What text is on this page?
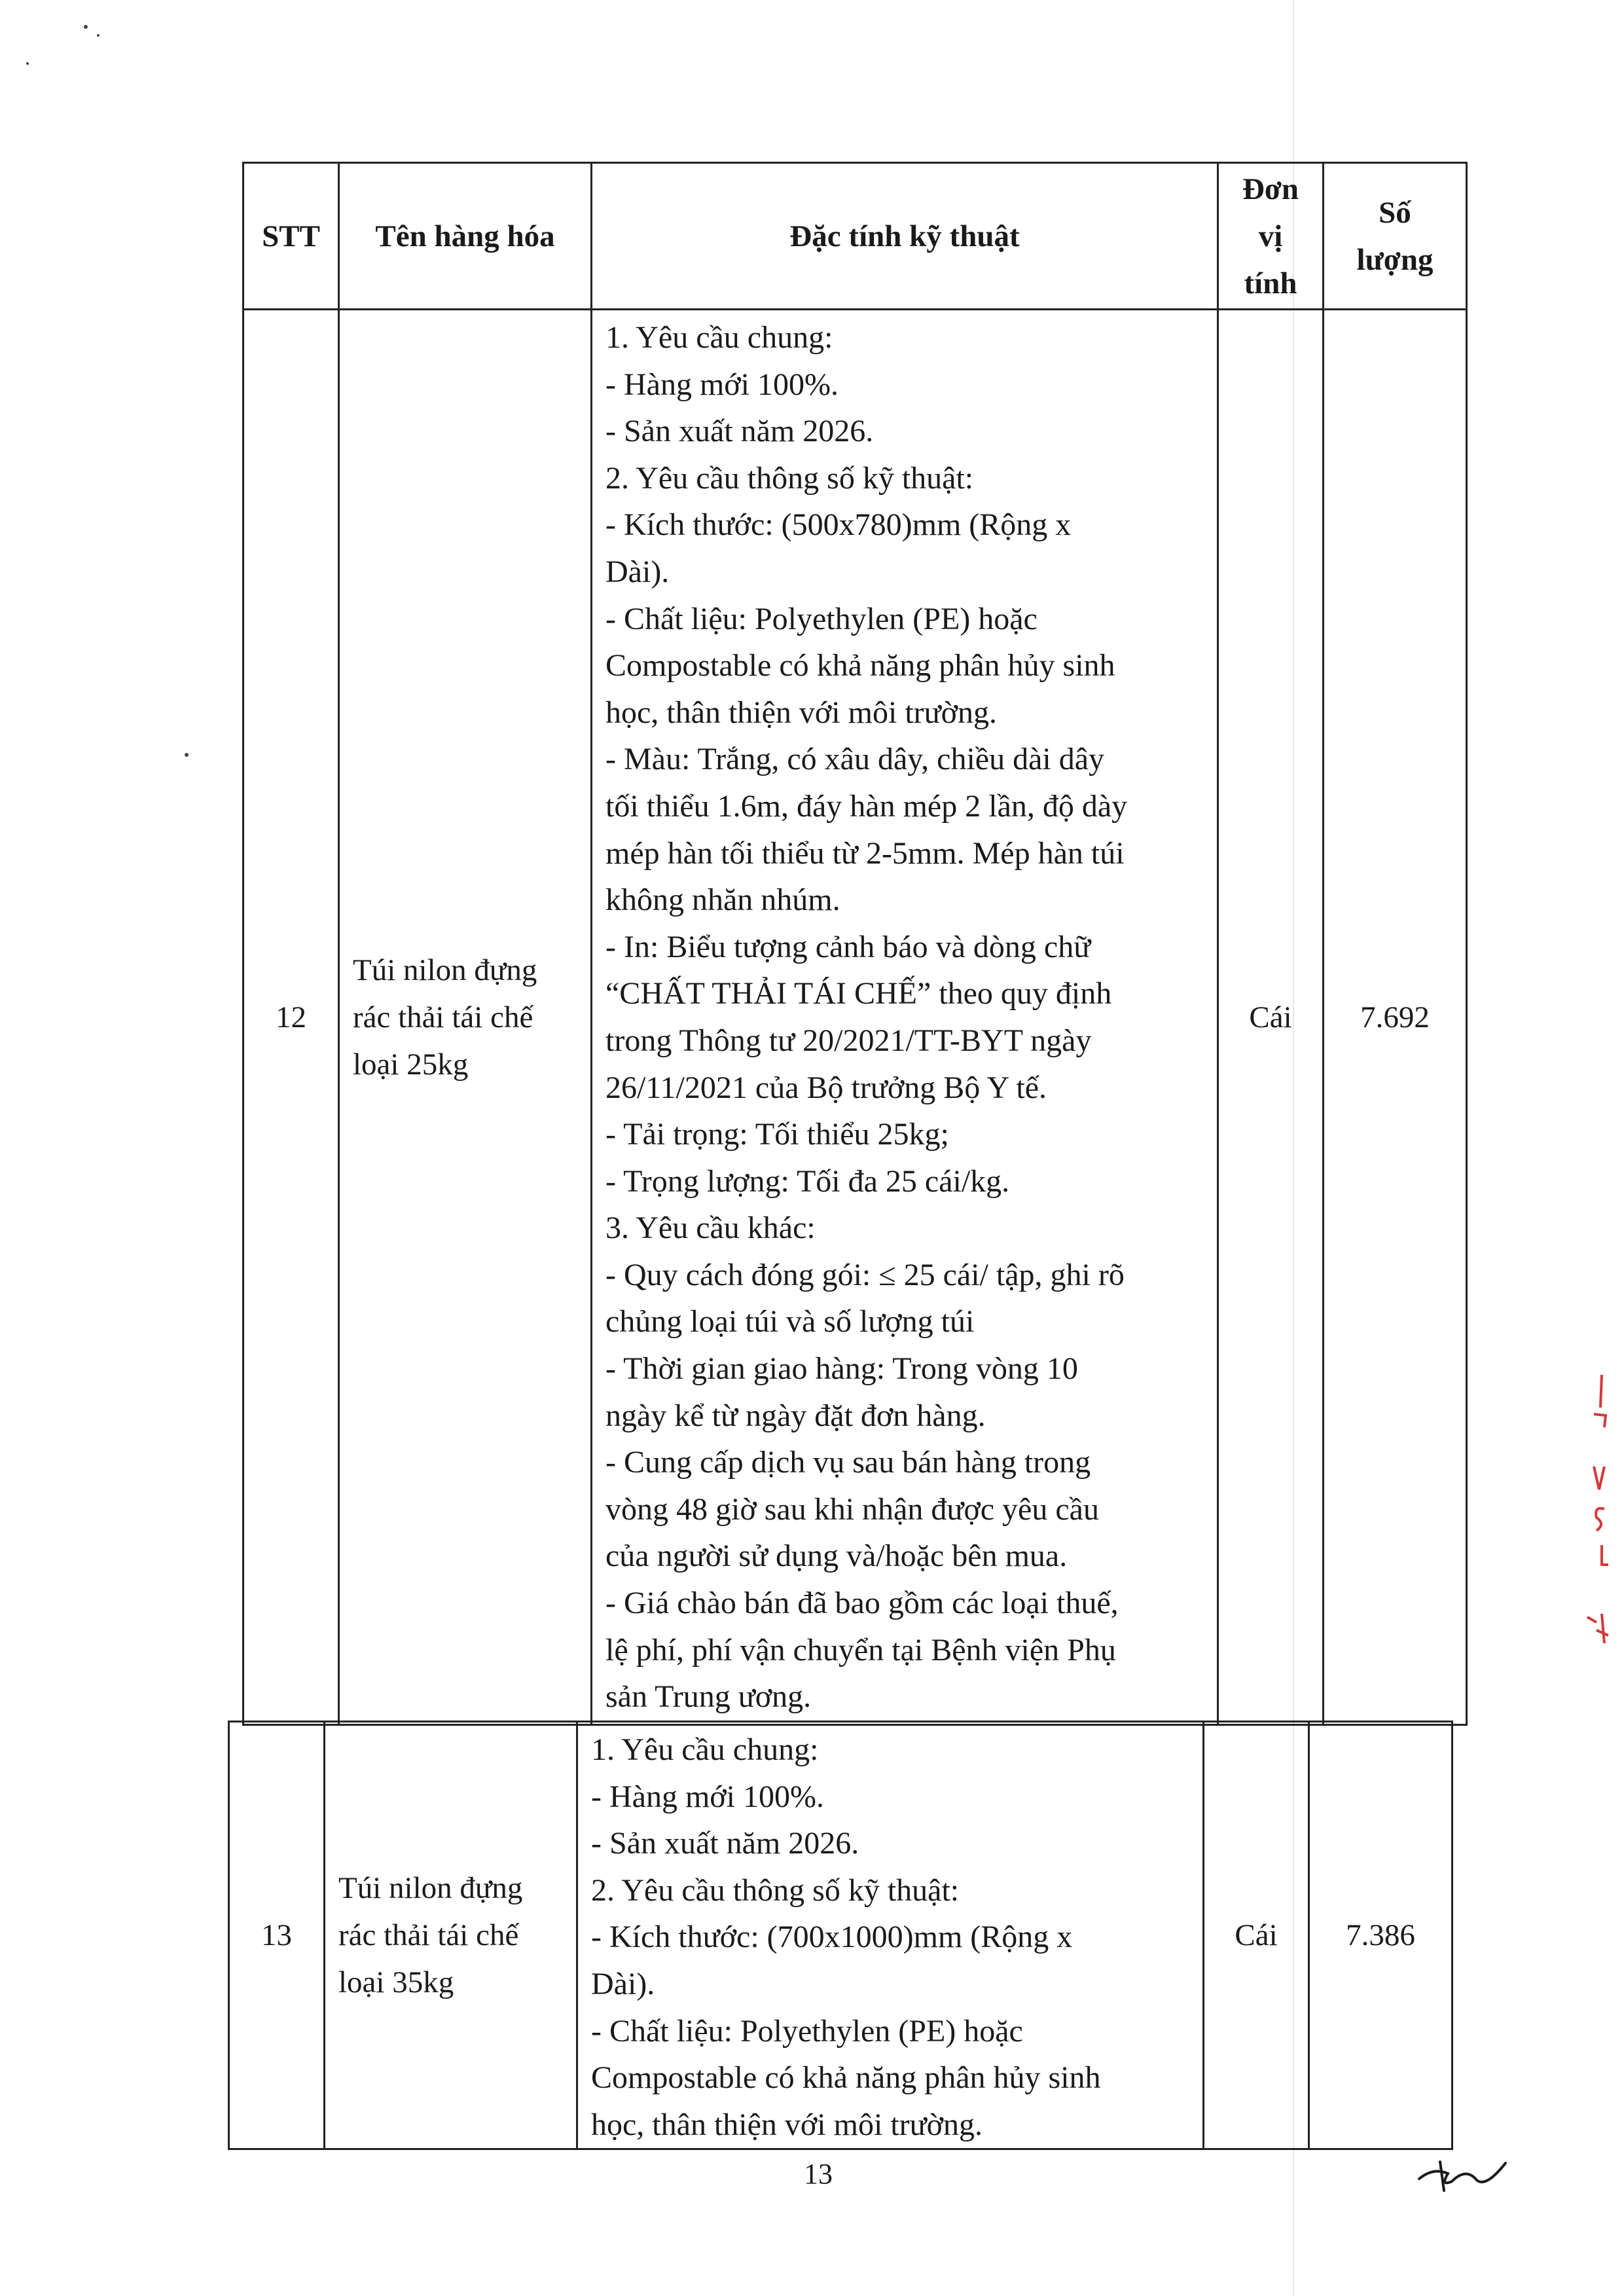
STT Tên hàng hóa	Đặc tính kỹ thuật
Đơn
vị
tính
Số
lượng
12
Túi nilon đựng
rác thải tái chế
loại 25kg
1. Yêu cầu chung:
- Hàng mới 100%.
- Sản xuất năm 2026.
2. Yêu cầu thông số kỹ thuật:
- Kích thước: (500x780)mm (Rộng x
Dài).
- Chất liệu: Polyethylen (PE) hoặc
Compostable có khả năng phân hủy sinh
học, thân thiện với môi trường.
- Màu: Trắng, có xâu dây, chiều dài dây
tối thiểu 1.6m, đáy hàn mép 2 lần, độ dày
mép hàn tối thiểu từ 2-5mm. Mép hàn túi
không nhăn nhúm.
- In: Biểu tượng cảnh báo và dòng chữ
“CHẤT THẢI TÁI CHẾ” theo quy định
trong Thông tư 20/2021/TT-BYT ngày
26/11/2021 của Bộ trưởng Bộ Y tế.
- Tải trọng: Tối thiểu 25kg;
- Trọng lượng: Tối đa 25 cái/kg.
3. Yêu cầu khác:
- Quy cách đóng gói: ≤ 25 cái/ tập, ghi rõ
chủng loại túi và số lượng túi
- Thời gian giao hàng: Trong vòng 10
ngày kể từ ngày đặt đơn hàng.
- Cung cấp dịch vụ sau bán hàng trong
vòng 48 giờ sau khi nhận được yêu cầu
của người sử dụng và/hoặc bên mua.
- Giá chào bán đã bao gồm các loại thuế,
lệ phí, phí vận chuyển tại Bệnh viện Phụ
sản Trung ương.
Cái 7.692
13
Túi nilon đựng
rác thải tái chế
loại 35kg
1. Yêu cầu chung:
- Hàng mới 100%.
- Sản xuất năm 2026.
2. Yêu cầu thông số kỹ thuật:
- Kích thước: (700x1000)mm (Rộng x
Dài).
- Chất liệu: Polyethylen (PE) hoặc
Compostable có khả năng phân hủy sinh
học, thân thiện với môi trường.
Cái 7.386
13
